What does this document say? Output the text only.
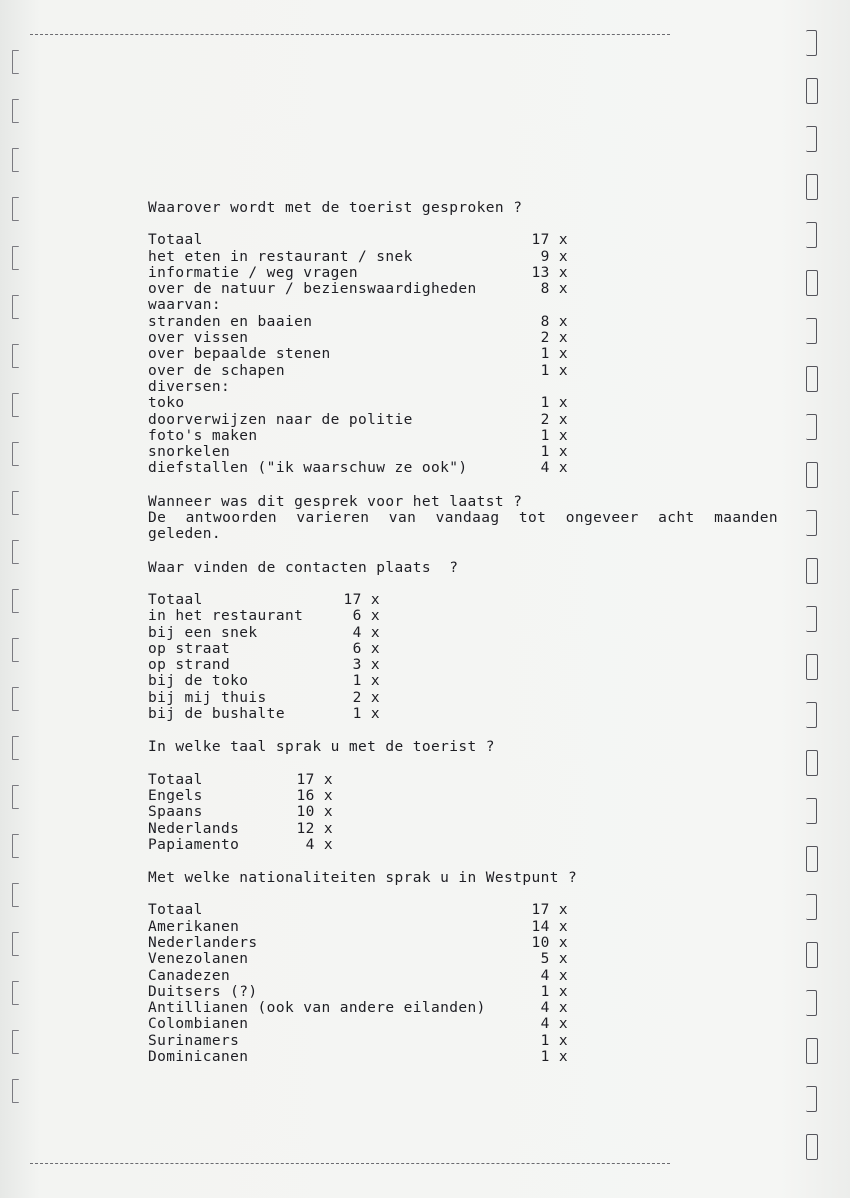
Waarover wordt met de toerist gesproken ?

Totaal	17 x
het eten in restaurant / snek	9 x
informatie / weg vragen	13 x
over de natuur / bezienswaardigheden	8 x
waarvan:
stranden en baaien	8 x
over vissen	2 x
over bepaalde stenen	1 x
over de schapen	1 x
diversen:
toko	1 x
doorverwijzen naar de politie	2 x
foto's maken	1 x
snorkelen	1 x
diefstallen ("ik waarschuw ze ook")	4 x

Wanneer was dit gesprek voor het laatst ?

De antwoorden varieren van vandaag tot ongeveer acht maanden
geleden.

Waar vinden de contacten plaats  ?

Totaal	17 x
in het restaurant	6 x
bij een snek	4 x
op straat	6 x
op strand	3 x
bij de toko	1 x
bij mij thuis	2 x
bij de bushalte	1 x

In welke taal sprak u met de toerist ?

Totaal	17 x
Engels	16 x
Spaans	10 x
Nederlands	12 x
Papiamento	4 x

Met welke nationaliteiten sprak u in Westpunt ?

Totaal	17 x
Amerikanen	14 x
Nederlanders	10 x
Venezolanen	5 x
Canadezen	4 x
Duitsers (?)	1 x
Antillianen (ook van andere eilanden)	4 x
Colombianen	4 x
Surinamers	1 x
Dominicanen	1 x
